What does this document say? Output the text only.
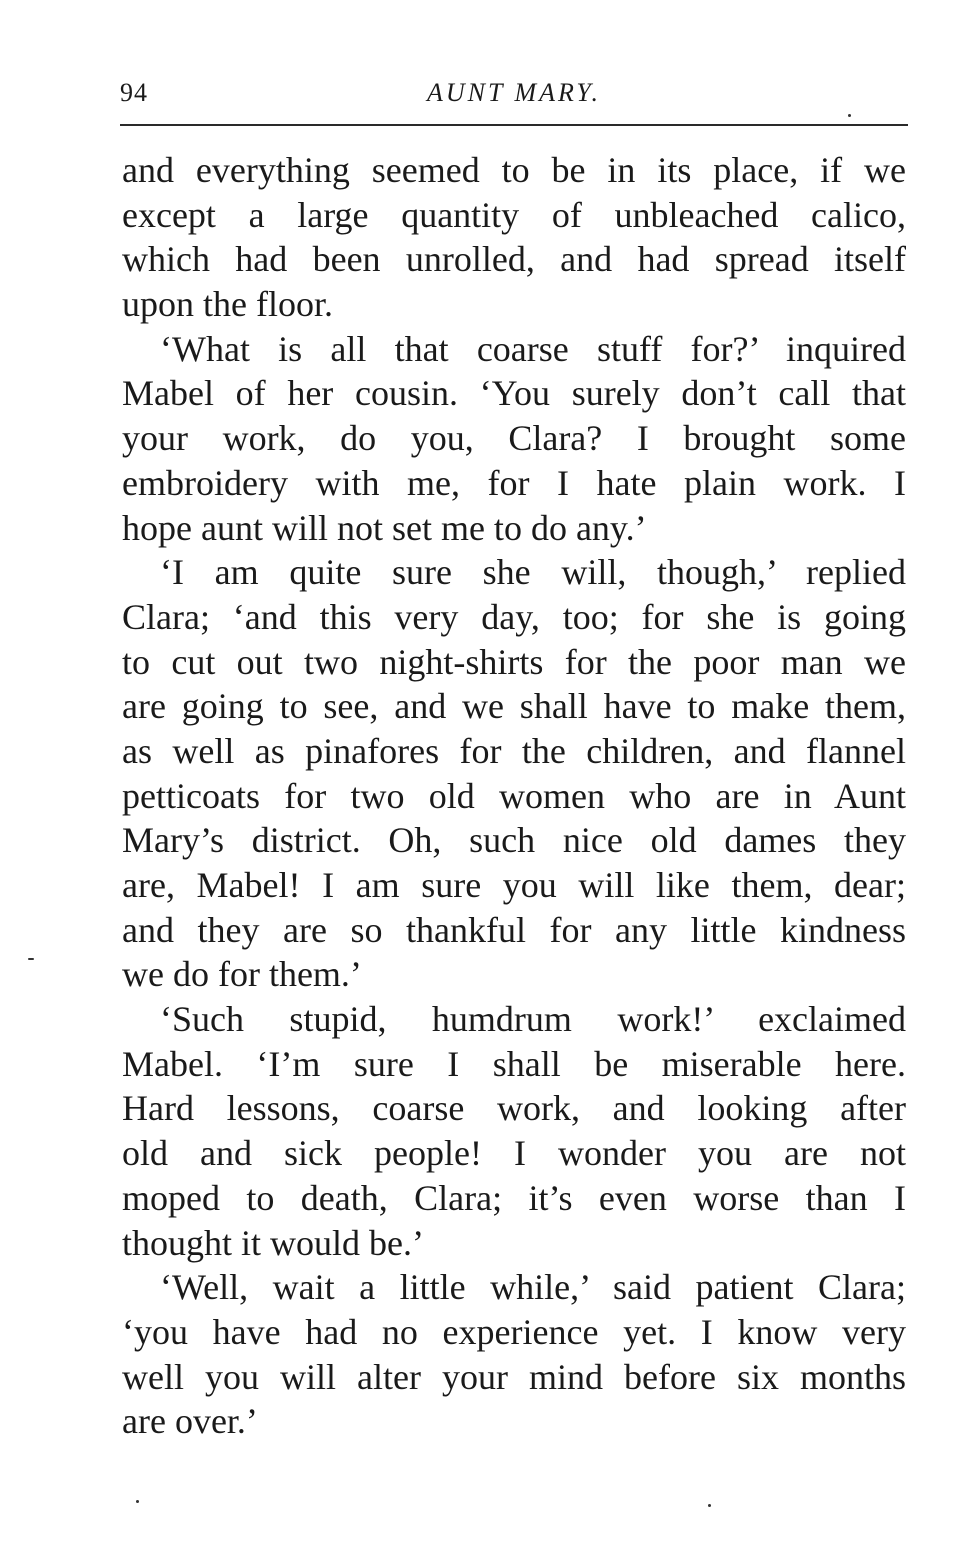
94	AUNT MARY.
and everything seemed to be in its place, if we
except a large quantity of unbleached calico,
which had been unrolled, and had spread itself
upon the floor.
‘What is all that coarse stuff for?’ inquired
Mabel of her cousin. ‘You surely don’t call that
your work, do you, Clara? I brought some
embroidery with me, for I hate plain work. I
hope aunt will not set me to do any.’
‘I am quite sure she will, though,’ replied
Clara; ‘and this very day, too; for she is going
to cut out two night-shirts for the poor man we
are going to see, and we shall have to make them,
as well as pinafores for the children, and flannel
petticoats for two old women who are in Aunt
Mary’s district. Oh, such nice old dames they
are, Mabel! I am sure you will like them, dear;
and they are so thankful for any little kindness
we do for them.’
‘Such stupid, humdrum work!’ exclaimed
Mabel. ‘I’m sure I shall be miserable here.
Hard lessons, coarse work, and looking after
old and sick people! I wonder you are not
moped to death, Clara; it’s even worse than I
thought it would be.’
‘Well, wait a little while,’ said patient Clara;
‘you have had no experience yet. I know very
well you will alter your mind before six months
are over.’
